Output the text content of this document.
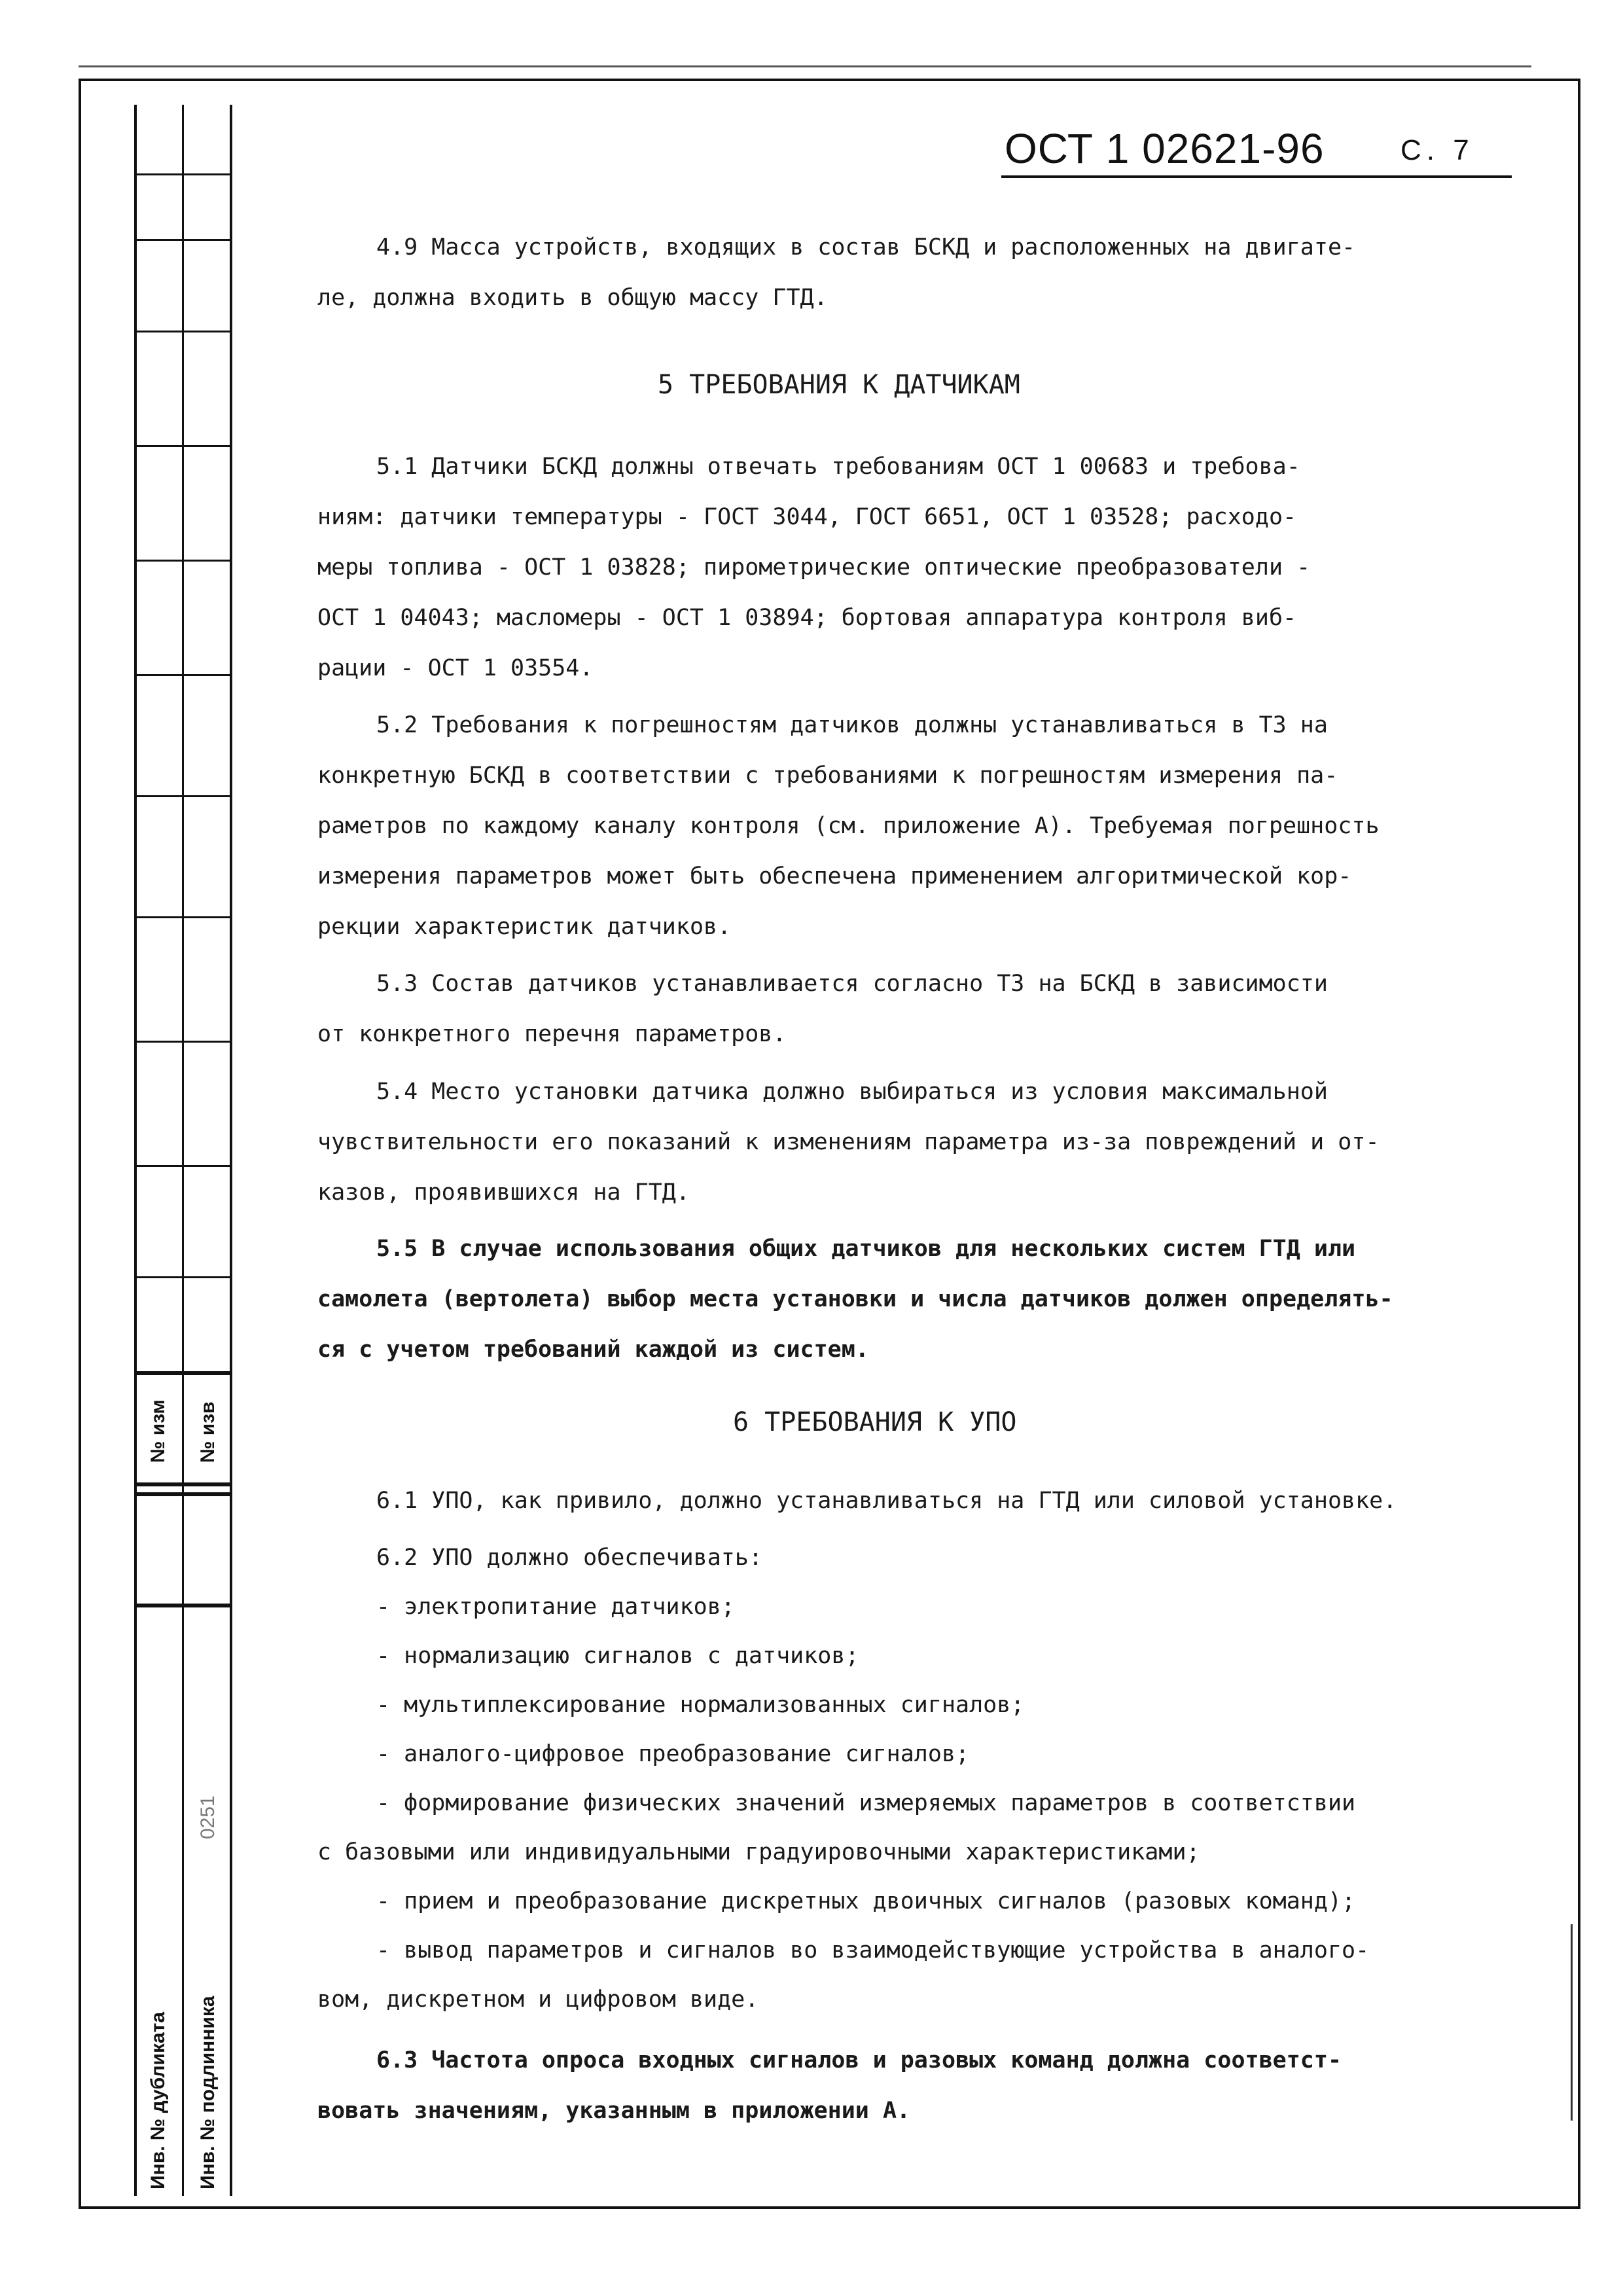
№ изм № изв
0251
Инв. № дубликата Инв. № подлинника
ОСТ 1 02621-96	С. 7
4.9 Масса устройств, входящих в состав БСКД и расположенных на двигате-
ле, должна входить в общую массу ГТД.
5 ТРЕБОВАНИЯ К ДАТЧИКАМ
5.1 Датчики БСКД должны отвечать требованиям ОСТ 1 00683 и требова-
ниям: датчики температуры - ГОСТ 3044, ГОСТ 6651, ОСТ 1 03528; расходо-
меры топлива - ОСТ 1 03828; пирометрические оптические преобразователи -
ОСТ 1 04043; масломеры - ОСТ 1 03894; бортовая аппаратура контроля виб-
рации - ОСТ 1 03554.
5.2 Требования к погрешностям датчиков должны устанавливаться в ТЗ на
конкретную БСКД в соответствии с требованиями к погрешностям измерения па-
раметров по каждому каналу контроля (см. приложение А). Требуемая погрешность
измерения параметров может быть обеспечена применением алгоритмической кор-
рекции характеристик датчиков.
5.3 Состав датчиков устанавливается согласно ТЗ на БСКД в зависимости
от конкретного перечня параметров.
5.4 Место установки датчика должно выбираться из условия максимальной
чувствительности его показаний к изменениям параметра из-за повреждений и от-
казов, проявившихся на ГТД.
5.5 В случае использования общих датчиков для нескольких систем ГТД или
самолета (вертолета) выбор места установки и числа датчиков должен определять-
ся с учетом требований каждой из систем.
6 ТРЕБОВАНИЯ К УПО
6.1 УПО, как привило, должно устанавливаться на ГТД или силовой установке.
6.2 УПО должно обеспечивать:
- электропитание датчиков;
- нормализацию сигналов с датчиков;
- мультиплексирование нормализованных сигналов;
- аналого-цифровое преобразование сигналов;
- формирование физических значений измеряемых параметров в соответствии
с базовыми или индивидуальными градуировочными характеристиками;
- прием и преобразование дискретных двоичных сигналов (разовых команд);
- вывод параметров и сигналов во взаимодействующие устройства в аналого-
вом, дискретном и цифровом виде.
6.3 Частота опроса входных сигналов и разовых команд должна соответст-
вовать значениям, указанным в приложении А.
